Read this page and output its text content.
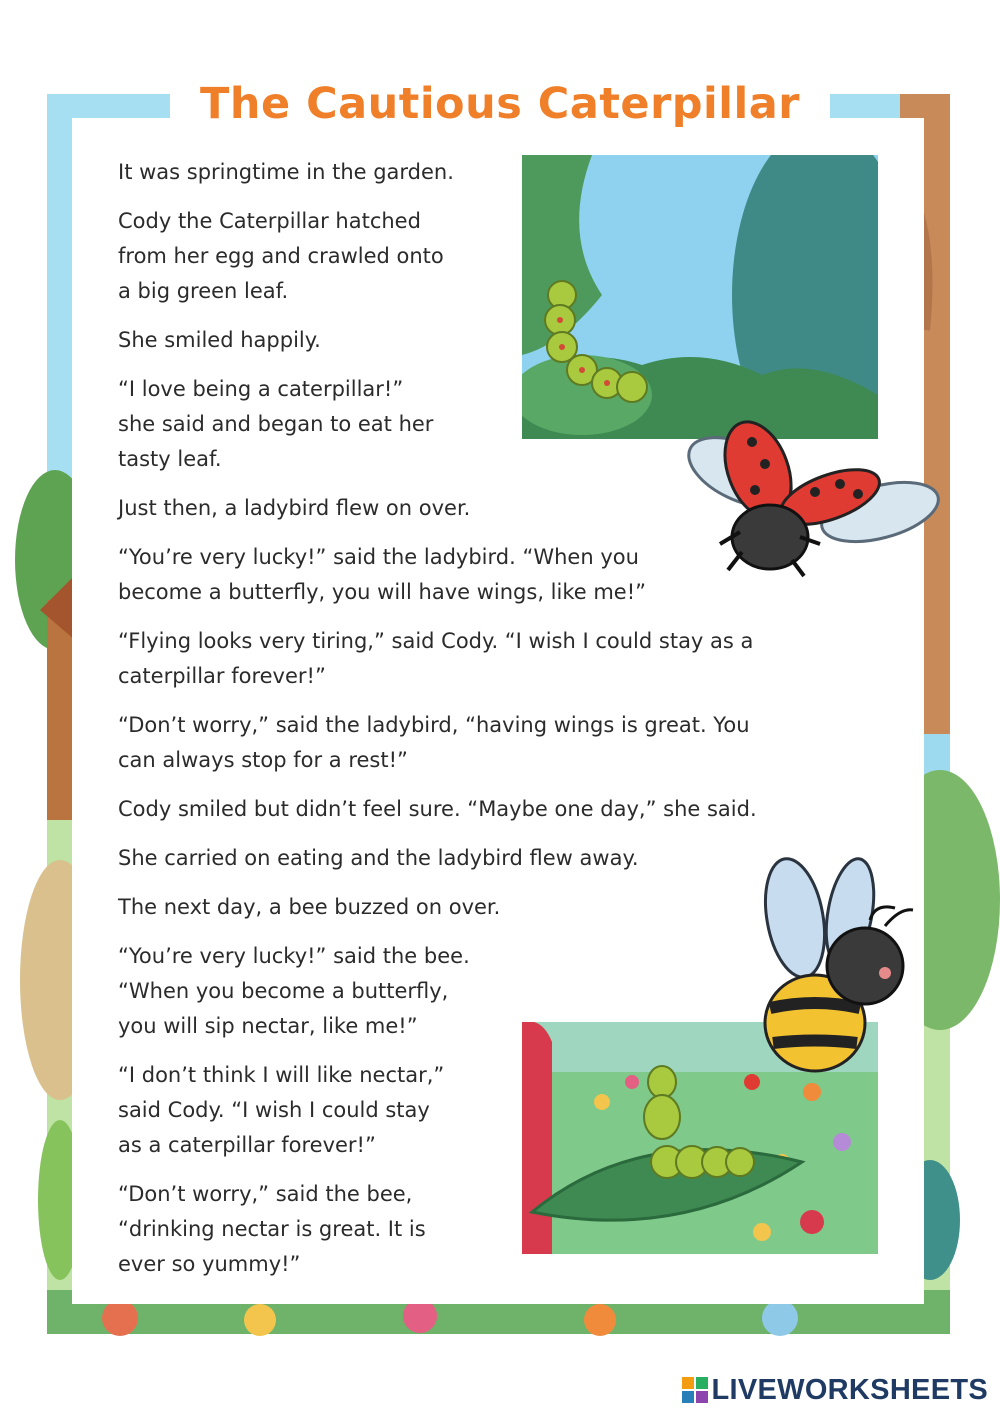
The Cautious Caterpillar

It was springtime in the garden.

Cody the Caterpillar hatched
from her egg and crawled onto
a big green leaf.

She smiled happily.

“I love being a caterpillar!”
she said and began to eat her
tasty leaf.

Just then, a ladybird flew on over.

“You’re very lucky!” said the ladybird. “When you
become a butterfly, you will have wings, like me!”

“Flying looks very tiring,” said Cody. “I wish I could stay as a
caterpillar forever!”

“Don’t worry,” said the ladybird, “having wings is great. You
can always stop for a rest!”

Cody smiled but didn’t feel sure. “Maybe one day,” she said.

She carried on eating and the ladybird flew away.

The next day, a bee buzzed on over.

“You’re very lucky!” said the bee.
“When you become a butterfly,
you will sip nectar, like me!”

“I don’t think I will like nectar,”
said Cody. “I wish I could stay
as a caterpillar forever!”

“Don’t worry,” said the bee,
“drinking nectar is great. It is
ever so yummy!”

LIVEWORKSHEETS
